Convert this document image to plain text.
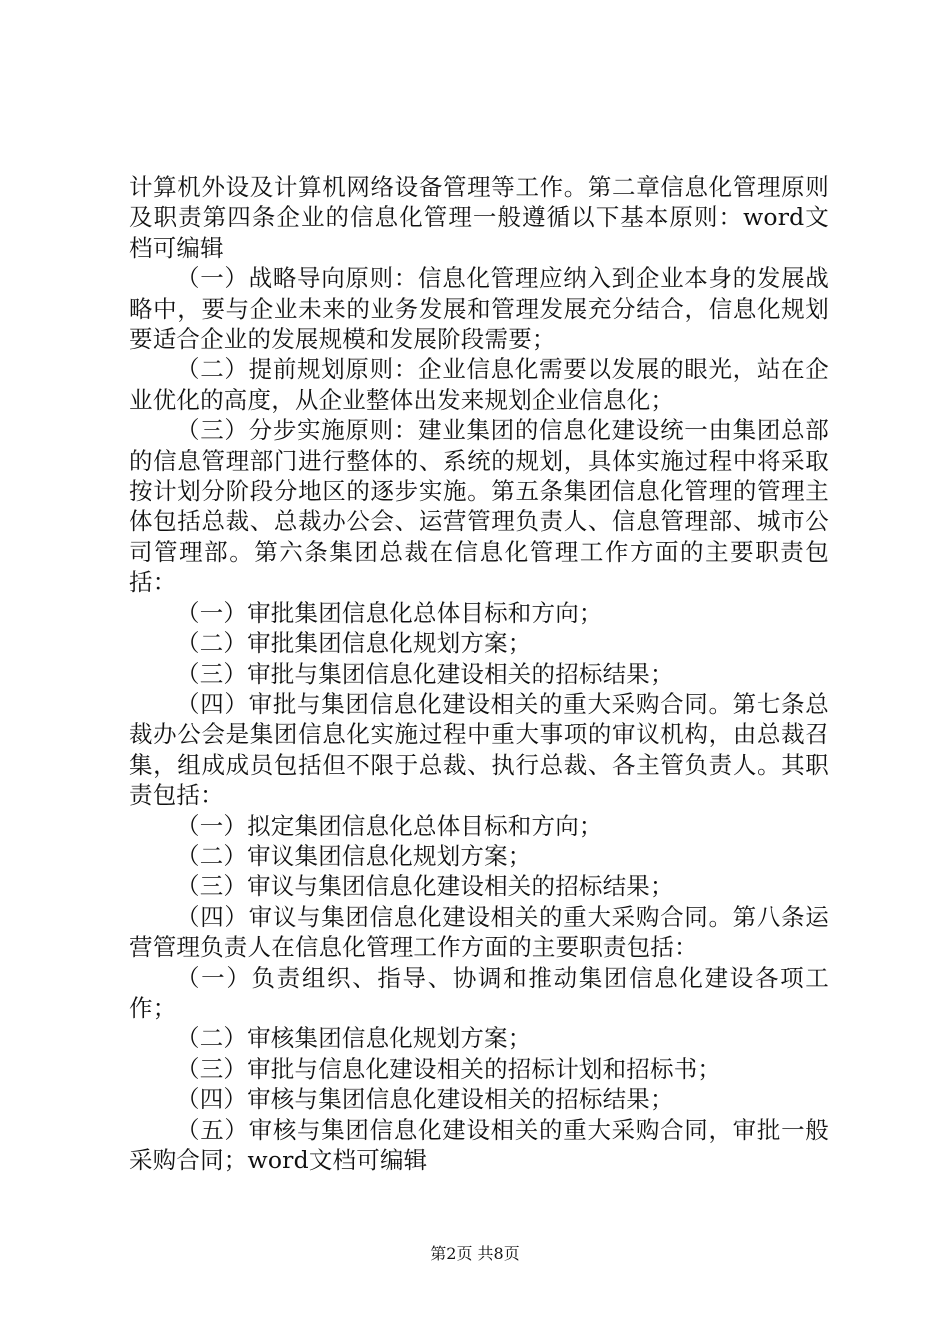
计算机外设及计算机网络设备管理等工作。第二章信息化管理原则及职责第四条企业的信息化管理一般遵循以下基本原则：word文档可编辑

（一）战略导向原则：信息化管理应纳入到企业本身的发展战略中，要与企业未来的业务发展和管理发展充分结合，信息化规划要适合企业的发展规模和发展阶段需要；

（二）提前规划原则：企业信息化需要以发展的眼光，站在企业优化的高度，从企业整体出发来规划企业信息化；

（三）分步实施原则：建业集团的信息化建设统一由集团总部的信息管理部门进行整体的、系统的规划，具体实施过程中将采取按计划分阶段分地区的逐步实施。第五条集团信息化管理的管理主体包括总裁、总裁办公会、运营管理负责人、信息管理部、城市公司管理部。第六条集团总裁在信息化管理工作方面的主要职责包括：

（一）审批集团信息化总体目标和方向；

（二）审批集团信息化规划方案；

（三）审批与集团信息化建设相关的招标结果；

（四）审批与集团信息化建设相关的重大采购合同。第七条总裁办公会是集团信息化实施过程中重大事项的审议机构，由总裁召集，组成成员包括但不限于总裁、执行总裁、各主管负责人。其职责包括：

（一）拟定集团信息化总体目标和方向；

（二）审议集团信息化规划方案；

（三）审议与集团信息化建设相关的招标结果；

（四）审议与集团信息化建设相关的重大采购合同。第八条运营管理负责人在信息化管理工作方面的主要职责包括：

（一）负责组织、指导、协调和推动集团信息化建设各项工作；

（二）审核集团信息化规划方案；

（三）审批与信息化建设相关的招标计划和招标书；

（四）审核与集团信息化建设相关的招标结果；

（五）审核与集团信息化建设相关的重大采购合同，审批一般采购合同；word文档可编辑

第2页 共8页
